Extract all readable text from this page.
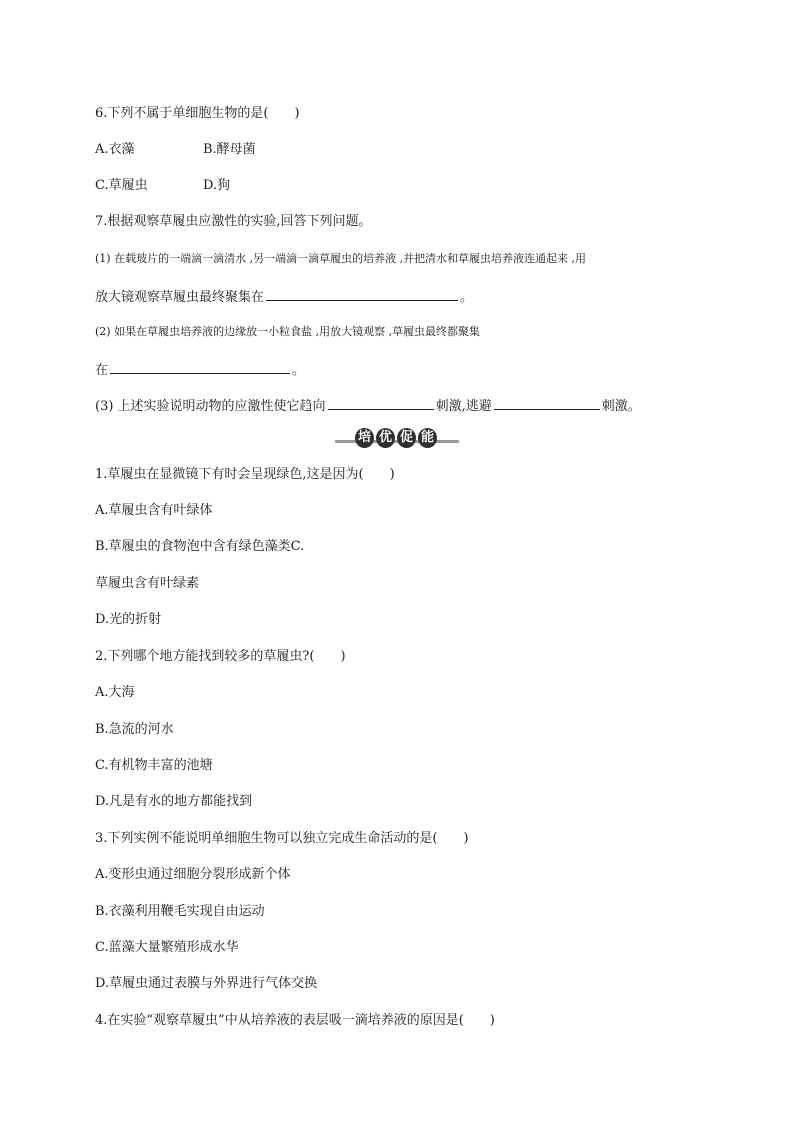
6.下列不属于单细胞生物的是(　　)
A.衣藻	B.酵母菌
C.草履虫	D.狗
7.根据观察草履虫应激性的实验,回答下列问题。
(1) 在载玻片的一端滴一滴清水 ,另一端滴一滴草履虫的培养液 ,并把清水和草履虫培养液连通起来 ,用
放大镜观察草履虫最终聚集在	。
(2) 如果在草履虫培养液的边缘放一小粒食盐 ,用放大镜观察 ,草履虫最终都聚集
在	。
(3) 上述实验说明动物的应激性使它趋向	刺激,逃避	刺激。
培 优 促 能
1.草履虫在显微镜下有时会呈现绿色,这是因为(　　)
A.草履虫含有叶绿体
B.草履虫的食物泡中含有绿色藻类C.
草履虫含有叶绿素
D.光的折射
2.下列哪个地方能找到较多的草履虫?(　　)
A.大海
B.急流的河水
C.有机物丰富的池塘
D.凡是有水的地方都能找到
3.下列实例不能说明单细胞生物可以独立完成生命活动的是(　　)
A.变形虫通过细胞分裂形成新个体
B.衣藻利用鞭毛实现自由运动
C.蓝藻大量繁殖形成水华
D.草履虫通过表膜与外界进行气体交换
4.在实验“观察草履虫”中从培养液的表层吸一滴培养液的原因是(　　)
